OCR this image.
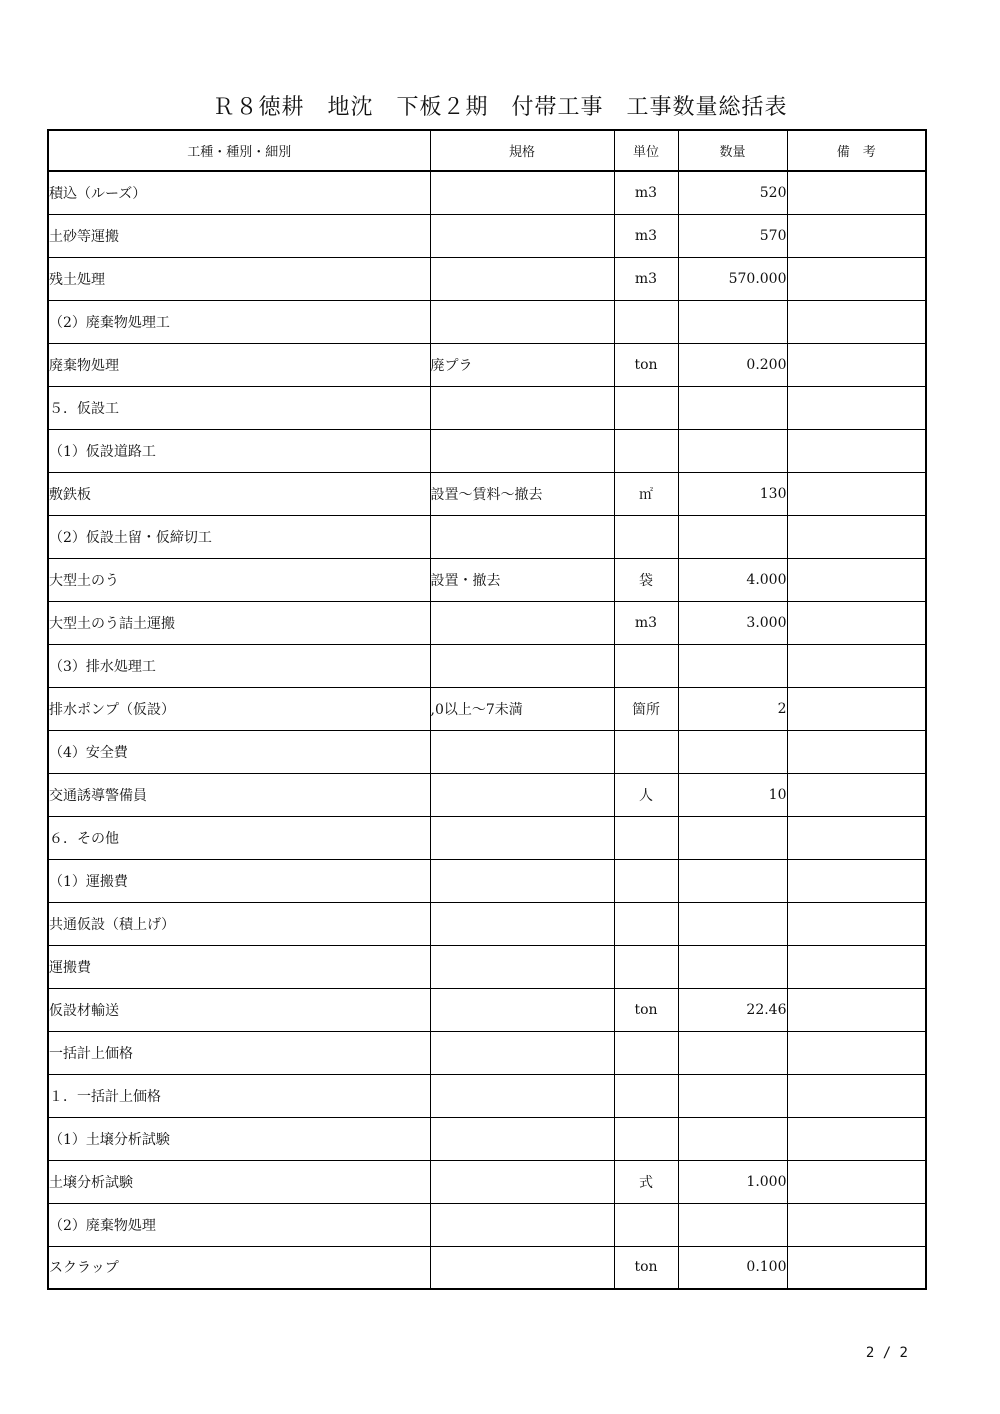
Ｒ８徳耕　地沈　下板２期　付帯工事　工事数量総括表
工種・種別・細別	規格	単位	数量	備　考
積込（ルーズ）		m3	520	
土砂等運搬		m3	570	
残土処理		m3	570.000	
（2）廃棄物処理工				
廃棄物処理	廃プラ	ton	0.200	
５．仮設工				
（1）仮設道路工				
敷鉄板	設置～賃料～撤去	㎡	130	
（2）仮設土留・仮締切工				
大型土のう	設置・撤去	袋	4.000	
大型土のう詰土運搬		m3	3.000	
（3）排水処理工				
排水ポンプ（仮設）	,0以上～7未満	箇所	2	
（4）安全費				
交通誘導警備員		人	10	
６．その他				
（1）運搬費				
共通仮設（積上げ）				
運搬費				
仮設材輸送		ton	22.46	
一括計上価格				
１．一括計上価格				
（1）土壌分析試験				
土壌分析試験		式	1.000	
（2）廃棄物処理				
スクラップ		ton	0.100	
2 / 2
